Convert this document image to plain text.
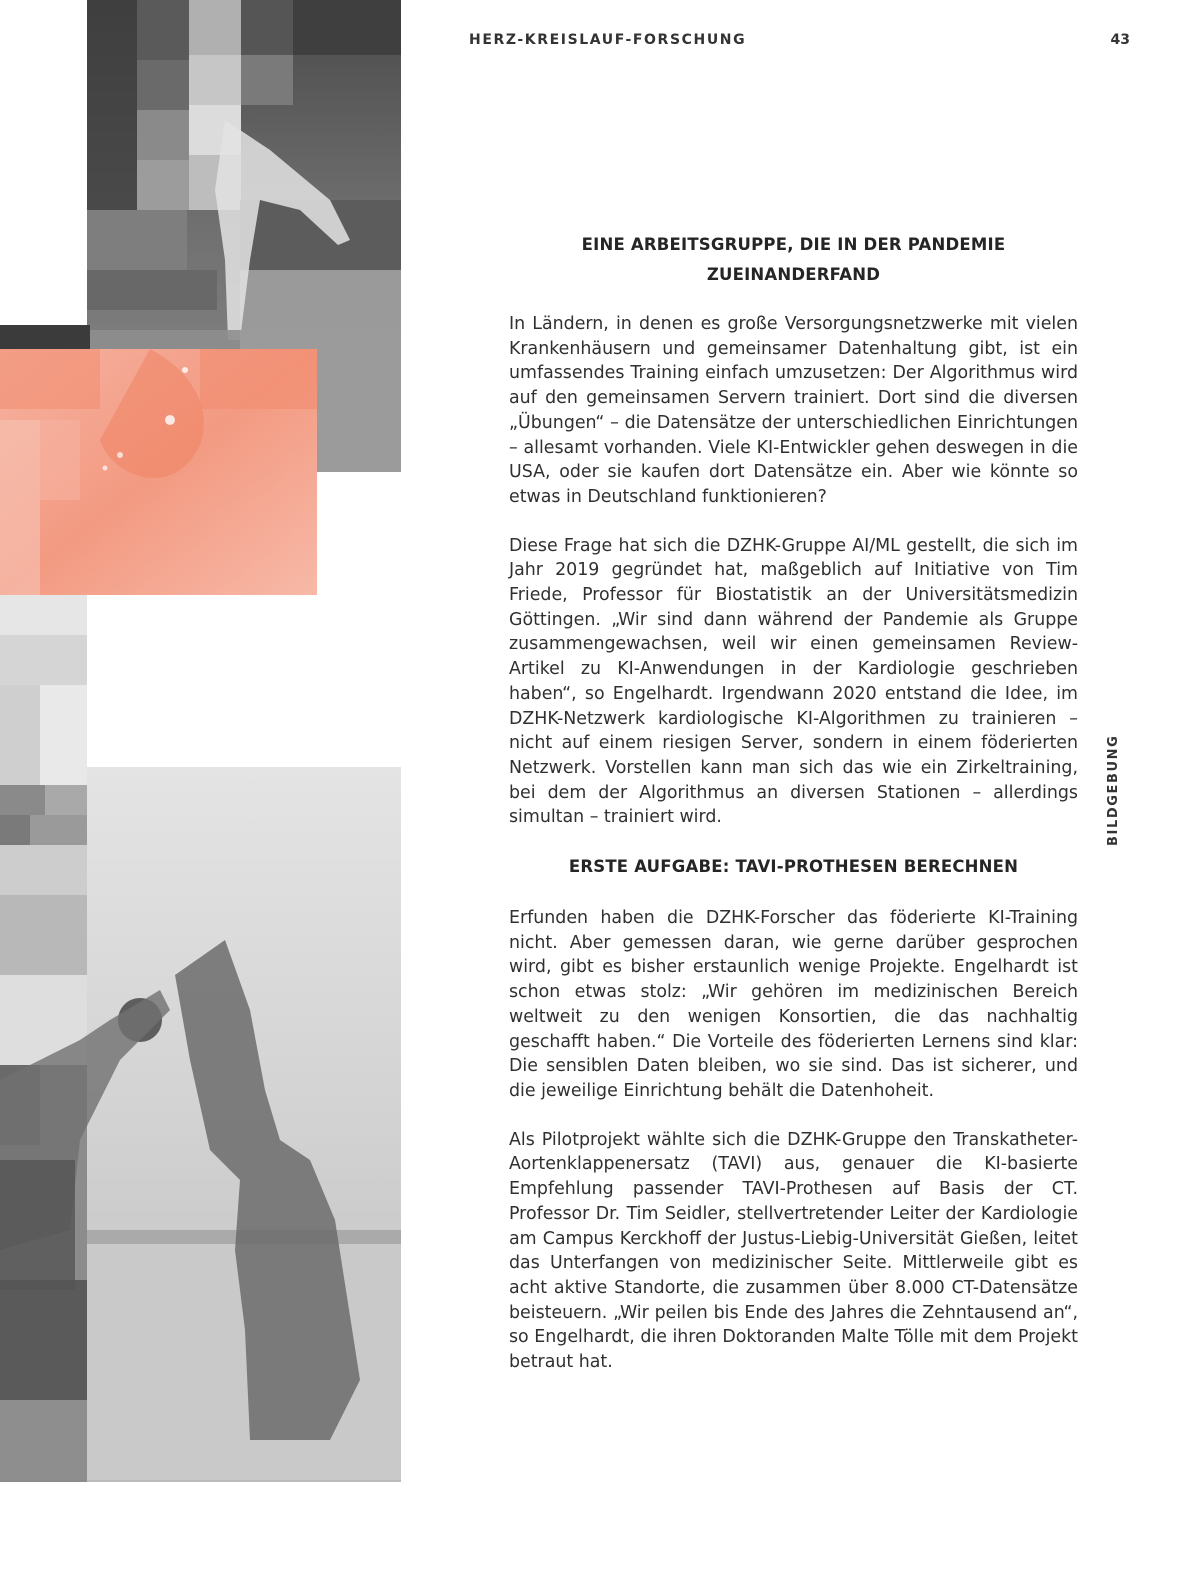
HERZ-KREISLAUF-FORSCHUNG	43
BILDGEBUNG
EINE ARBEITSGRUPPE, DIE IN DER PANDEMIE ZUEINANDERFAND

In Ländern, in denen es große Versorgungsnetzwerke mit vielen Krankenhäusern und gemeinsamer Datenhaltung gibt, ist ein umfassendes Training einfach umzusetzen: Der Algorithmus wird auf den gemeinsamen Servern trainiert. Dort sind die diversen „Übungen“ – die Datensätze der unterschiedlichen Einrichtungen – allesamt vorhanden. Viele KI-Entwickler gehen deswegen in die USA, oder sie kaufen dort Datensätze ein. Aber wie könnte so etwas in Deutschland funktionieren?

Diese Frage hat sich die DZHK-Gruppe AI/ML gestellt, die sich im Jahr 2019 gegründet hat, maßgeblich auf Initiative von Tim Friede, Professor für Biostatistik an der Universitätsmedizin Göttingen. „Wir sind dann während der Pandemie als Gruppe zusammengewachsen, weil wir einen gemeinsamen Review-Artikel zu KI-Anwendungen in der Kardiologie geschrieben haben“, so Engelhardt. Irgendwann 2020 entstand die Idee, im DZHK-Netzwerk kardiologische KI-Algorithmen zu trainieren – nicht auf einem riesigen Server, sondern in einem föderierten Netzwerk. Vorstellen kann man sich das wie ein Zirkeltraining, bei dem der Algorithmus an diversen Stationen – allerdings simultan – trainiert wird.

ERSTE AUFGABE: TAVI-PROTHESEN BERECHNEN

Erfunden haben die DZHK-Forscher das föderierte KI-Training nicht. Aber gemessen daran, wie gerne darüber gesprochen wird, gibt es bisher erstaunlich wenige Projekte. Engelhardt ist schon etwas stolz: „Wir gehören im medizinischen Bereich weltweit zu den wenigen Konsortien, die das nachhaltig geschafft haben.“ Die Vorteile des föderierten Lernens sind klar: Die sensiblen Daten bleiben, wo sie sind. Das ist sicherer, und die jeweilige Einrichtung behält die Datenhoheit.

Als Pilotprojekt wählte sich die DZHK-Gruppe den Transkatheter-Aortenklappenersatz (TAVI) aus, genauer die KI-basierte Empfehlung passender TAVI-Prothesen auf Basis der CT. Professor Dr. Tim Seidler, stellvertretender Leiter der Kardiologie am Campus Kerckhoff der Justus-Liebig-Universität Gießen, leitet das Unterfangen von medizinischer Seite. Mittlerweile gibt es acht aktive Standorte, die zusammen über 8.000 CT-Datensätze beisteuern. „Wir peilen bis Ende des Jahres die Zehntausend an“, so Engelhardt, die ihren Doktoranden Malte Tölle mit dem Projekt betraut hat.
